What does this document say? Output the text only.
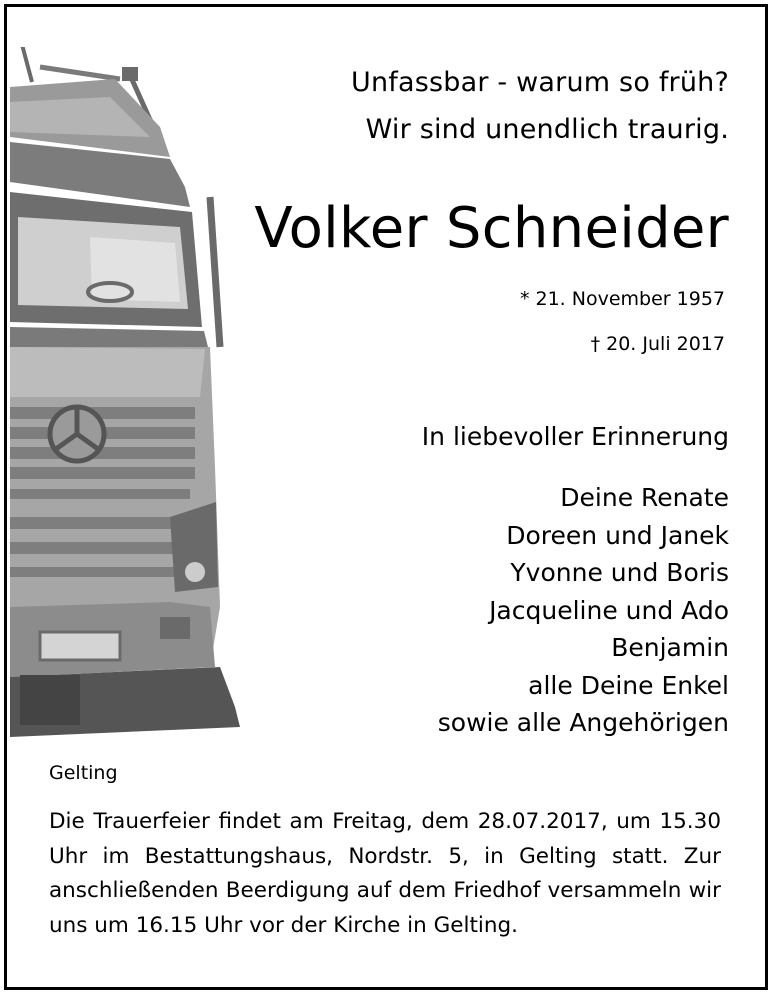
Unfassbar - warum so früh?
Wir sind unendlich traurig.
Volker Schneider
* 21. November 1957
† 20. Juli 2017
In liebevoller Erinnerung
Deine Renate
Doreen und Janek
Yvonne und Boris
Jacqueline und Ado
Benjamin
alle Deine Enkel
sowie alle Angehörigen
Gelting
Die Trauerfeier findet am Freitag, dem 28.07.2017, um 15.30 Uhr im Bestattungshaus, Nordstr. 5, in Gelting statt. Zur anschließenden Beerdigung auf dem Friedhof versammeln wir uns um 16.15 Uhr vor der Kirche in Gelting.
